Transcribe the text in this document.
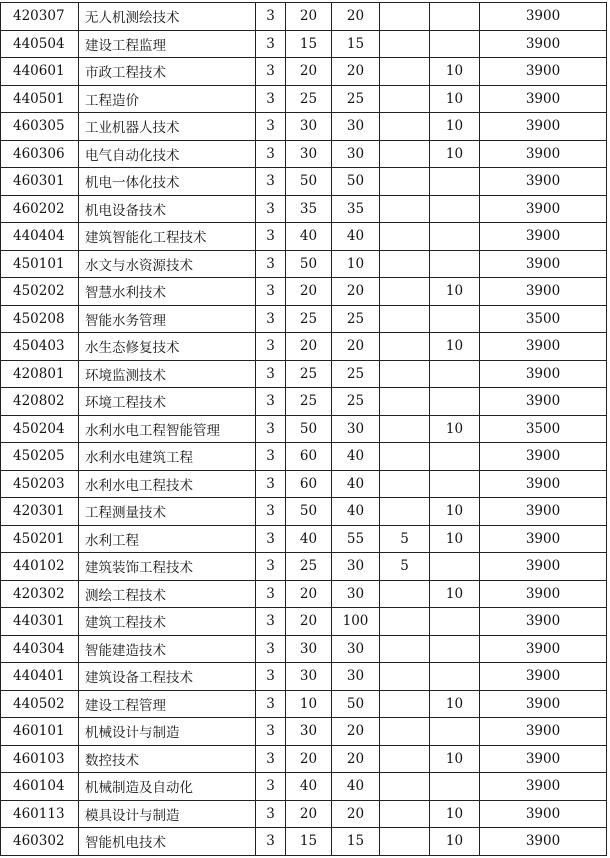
420307	无人机测绘技术	3	20	20			3900
440504	建设工程监理	3	15	15			3900
440601	市政工程技术	3	20	20		10	3900
440501	工程造价	3	25	25		10	3900
460305	工业机器人技术	3	30	30		10	3900
460306	电气自动化技术	3	30	30		10	3900
460301	机电一体化技术	3	50	50			3900
460202	机电设备技术	3	35	35			3900
440404	建筑智能化工程技术	3	40	40			3900
450101	水文与水资源技术	3	50	10			3900
450202	智慧水利技术	3	20	20		10	3900
450208	智能水务管理	3	25	25			3500
450403	水生态修复技术	3	20	20		10	3900
420801	环境监测技术	3	25	25			3900
420802	环境工程技术	3	25	25			3900
450204	水利水电工程智能管理	3	50	30		10	3500
450205	水利水电建筑工程	3	60	40			3900
450203	水利水电工程技术	3	60	40			3900
420301	工程测量技术	3	50	40		10	3900
450201	水利工程	3	40	55	5	10	3900
440102	建筑装饰工程技术	3	25	30	5		3900
420302	测绘工程技术	3	20	30		10	3900
440301	建筑工程技术	3	20	100			3900
440304	智能建造技术	3	30	30			3900
440401	建筑设备工程技术	3	30	30			3900
440502	建设工程管理	3	10	50		10	3900
460101	机械设计与制造	3	30	20			3900
460103	数控技术	3	20	20		10	3900
460104	机械制造及自动化	3	40	40			3900
460113	模具设计与制造	3	20	20		10	3900
460302	智能机电技术	3	15	15		10	3900
